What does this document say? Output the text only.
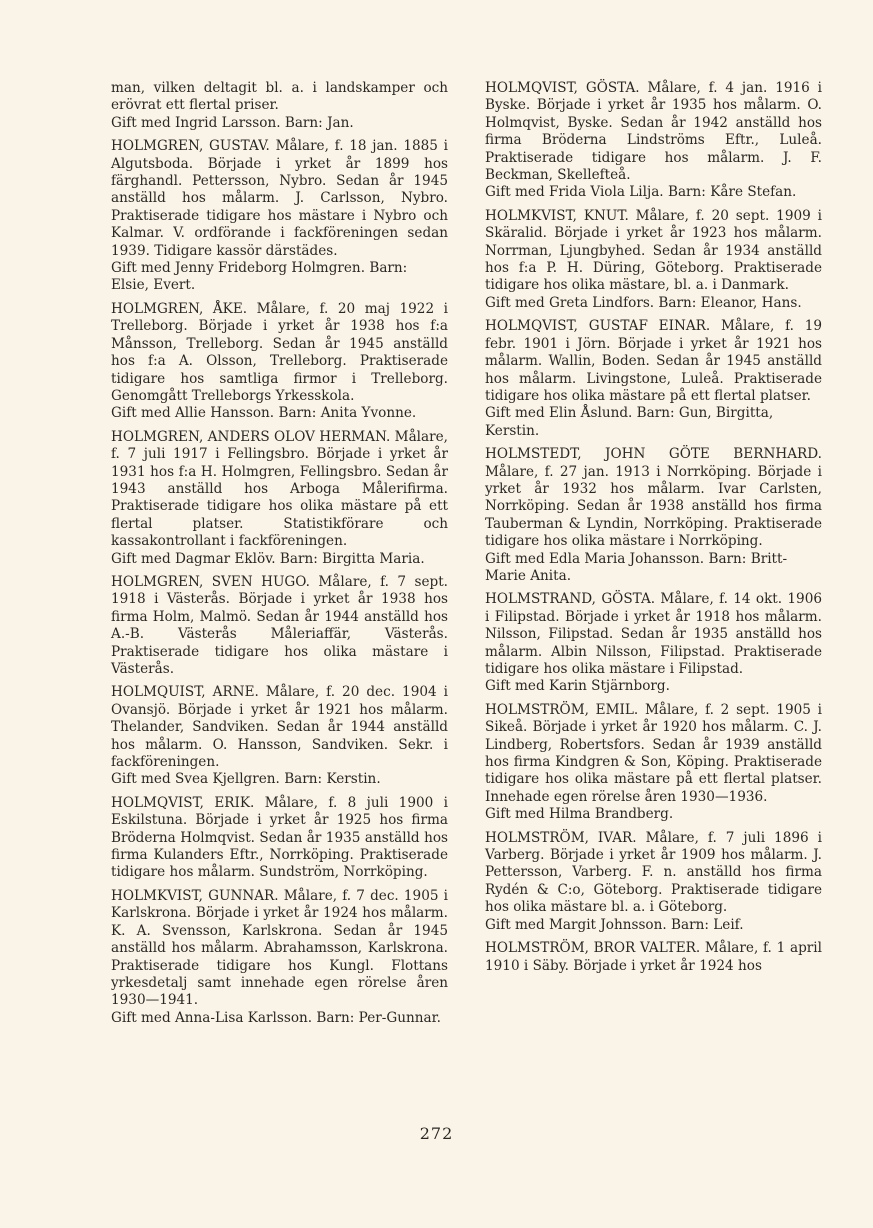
man, vilken deltagit bl. a. i landskamper och erövrat ett flertal priser.

Gift med Ingrid Larsson. Barn: Jan.

HOLMGREN, GUSTAV. Målare, f. 18 jan. 1885 i Algutsboda. Började i yrket år 1899 hos färghandl. Pettersson, Nybro. Sedan år 1945 anställd hos målarm. J. Carlsson, Nybro. Praktiserade tidigare hos mästare i Nybro och Kalmar. V. ordförande i fackföreningen sedan 1939. Tidigare kassör därstädes.

Gift med Jenny Frideborg Holmgren. Barn: Elsie, Evert.

HOLMGREN, ÅKE. Målare, f. 20 maj 1922 i Trelleborg. Började i yrket år 1938 hos f:a Månsson, Trelleborg. Sedan år 1945 anställd hos f:a A. Olsson, Trelleborg. Praktiserade tidigare hos samtliga firmor i Trelleborg. Genomgått Trelleborgs Yrkesskola.

Gift med Allie Hansson. Barn: Anita Yvonne.

HOLMGREN, ANDERS OLOV HERMAN. Målare, f. 7 juli 1917 i Fellingsbro. Började i yrket år 1931 hos f:a H. Holmgren, Fellingsbro. Sedan år 1943 anställd hos Arboga Målerifirma. Praktiserade tidigare hos olika mästare på ett flertal platser. Statistikförare och kassakontrollant i fackföreningen.

Gift med Dagmar Eklöv. Barn: Birgitta Maria.

HOLMGREN, SVEN HUGO. Målare, f. 7 sept. 1918 i Västerås. Började i yrket år 1938 hos firma Holm, Malmö. Sedan år 1944 anställd hos A.-B. Västerås Måleriaffär, Västerås. Praktiserade tidigare hos olika mästare i Västerås.

HOLMQUIST, ARNE. Målare, f. 20 dec. 1904 i Ovansjö. Började i yrket år 1921 hos målarm. Thelander, Sandviken. Sedan år 1944 anställd hos målarm. O. Hansson, Sandviken. Sekr. i fackföreningen.

Gift med Svea Kjellgren. Barn: Kerstin.

HOLMQVIST, ERIK. Målare, f. 8 juli 1900 i Eskilstuna. Började i yrket år 1925 hos firma Bröderna Holmqvist. Sedan år 1935 anställd hos firma Kulanders Eftr., Norrköping. Praktiserade tidigare hos målarm. Sundström, Norrköping.

HOLMKVIST, GUNNAR. Målare, f. 7 dec. 1905 i Karlskrona. Började i yrket år 1924 hos målarm. K. A. Svensson, Karlskrona. Sedan år 1945 anställd hos målarm. Abrahamsson, Karlskrona. Praktiserade tidigare hos Kungl. Flottans yrkesdetalj samt innehade egen rörelse åren 1930—1941.

Gift med Anna-Lisa Karlsson. Barn: Per-Gunnar.

HOLMQVIST, GÖSTA. Målare, f. 4 jan. 1916 i Byske. Började i yrket år 1935 hos målarm. O. Holmqvist, Byske. Sedan år 1942 anställd hos firma Bröderna Lindströms Eftr., Luleå. Praktiserade tidigare hos målarm. J. F. Beckman, Skellefteå.

Gift med Frida Viola Lilja. Barn: Kåre Stefan.

HOLMKVIST, KNUT. Målare, f. 20 sept. 1909 i Skäralid. Började i yrket år 1923 hos målarm. Norrman, Ljungbyhed. Sedan år 1934 anställd hos f:a P. H. Düring, Göteborg. Praktiserade tidigare hos olika mästare, bl. a. i Danmark.

Gift med Greta Lindfors. Barn: Eleanor, Hans.

HOLMQVIST, GUSTAF EINAR. Målare, f. 19 febr. 1901 i Jörn. Började i yrket år 1921 hos målarm. Wallin, Boden. Sedan år 1945 anställd hos målarm. Livingstone, Luleå. Praktiserade tidigare hos olika mästare på ett flertal platser.

Gift med Elin Åslund. Barn: Gun, Birgitta, Kerstin.

HOLMSTEDT, JOHN GÖTE BERNHARD. Målare, f. 27 jan. 1913 i Norrköping. Började i yrket år 1932 hos målarm. Ivar Carlsten, Norrköping. Sedan år 1938 anställd hos firma Tauberman & Lyndin, Norrköping. Praktiserade tidigare hos olika mästare i Norrköping.

Gift med Edla Maria Johansson. Barn: Britt-Marie Anita.

HOLMSTRAND, GÖSTA. Målare, f. 14 okt. 1906 i Filipstad. Började i yrket år 1918 hos målarm. Nilsson, Filipstad. Sedan år 1935 anställd hos målarm. Albin Nilsson, Filipstad. Praktiserade tidigare hos olika mästare i Filipstad.

Gift med Karin Stjärnborg.

HOLMSTRÖM, EMIL. Målare, f. 2 sept. 1905 i Sikeå. Började i yrket år 1920 hos målarm. C. J. Lindberg, Robertsfors. Sedan år 1939 anställd hos firma Kindgren & Son, Köping. Praktiserade tidigare hos olika mästare på ett flertal platser. Innehade egen rörelse åren 1930—1936.

Gift med Hilma Brandberg.

HOLMSTRÖM, IVAR. Målare, f. 7 juli 1896 i Varberg. Började i yrket år 1909 hos målarm. J. Pettersson, Varberg. F. n. anställd hos firma Rydén & C:o, Göteborg. Praktiserade tidigare hos olika mästare bl. a. i Göteborg.

Gift med Margit Johnsson. Barn: Leif.

HOLMSTRÖM, BROR VALTER. Målare, f. 1 april 1910 i Säby. Började i yrket år 1924 hos

272
